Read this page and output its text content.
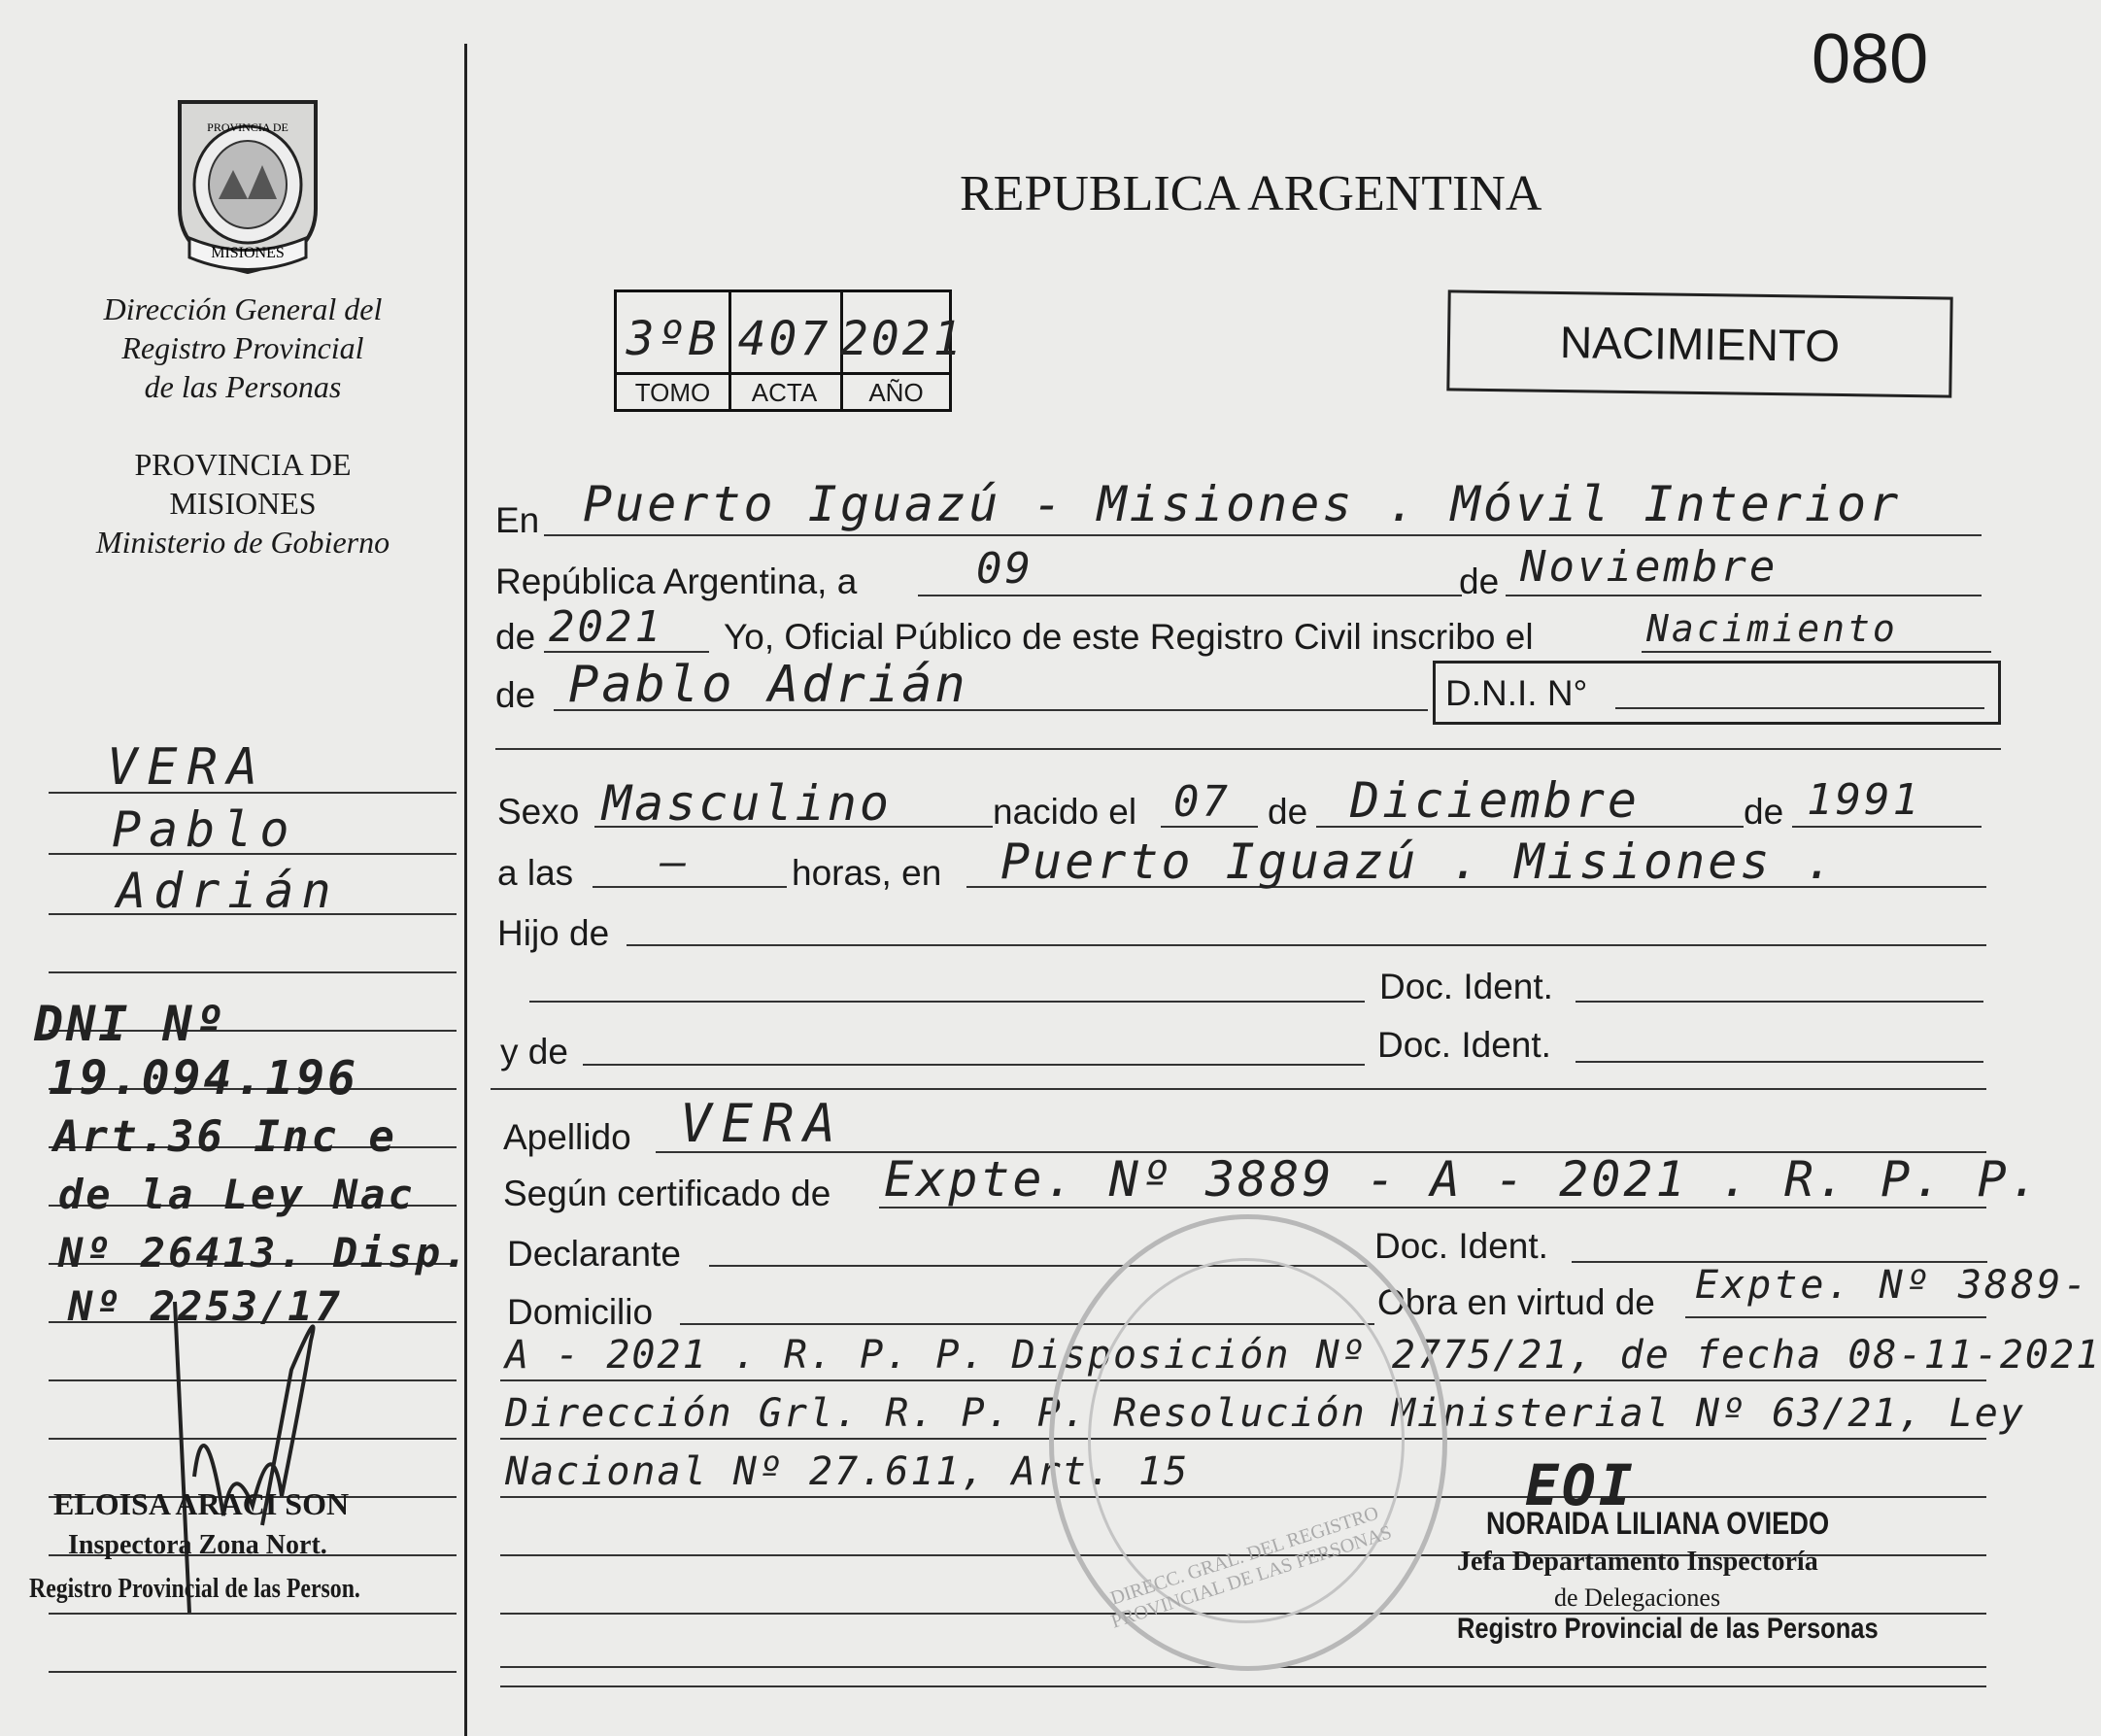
080
PROVINCIA DE
MISIONES
Dirección General del
Registro Provincial
de las Personas
PROVINCIA DE
MISIONES
Ministerio de Gobierno
VERA
Pablo
Adrián
DNI Nº
19.094.196
Art.36 Inc e
de la Ley Nac
Nº 26413. Disp.
Nº 2253/17
ELOISA ARACI SON
Inspectora Zona Nort.
Registro Provincial de las Person.
REPUBLICA ARGENTINA
3ºB 407 2021
TOMO	ACTA	AÑO
NACIMIENTO
En Puerto Iguazú - Misiones . Móvil Interior
República Argentina, a	09	de Noviembre
de 2021 Yo, Oficial Público de este Registro Civil inscribo el	Nacimiento
de Pablo Adrián	D.N.I. N°
Sexo Masculino	nacido el 07 de Diciembre	de 1991
a las —	horas, en Puerto Iguazú . Misiones .
Hijo de
Doc. Ident.
y de	Doc. Ident.
Apellido VERA
Según certificado de Expte. Nº 3889 - A - 2021 . R. P. P.
Declarante	Doc. Ident.
Domicilio	Obra en virtud de Expte. Nº 3889-
A - 2021 . R. P. P. Disposición Nº 2775/21, de fecha 08-11-2021
Dirección Grl. R. P. P. Resolución Ministerial Nº 63/21, Ley
Nacional Nº 27.611, Art. 15
DIRECC. GRAL. DEL REGISTRO PROVINCIAL DE LAS PERSONAS
EOI
NORAIDA LILIANA OVIEDO
Jefa Departamento Inspectoría
de Delegaciones
Registro Provincial de las Personas
